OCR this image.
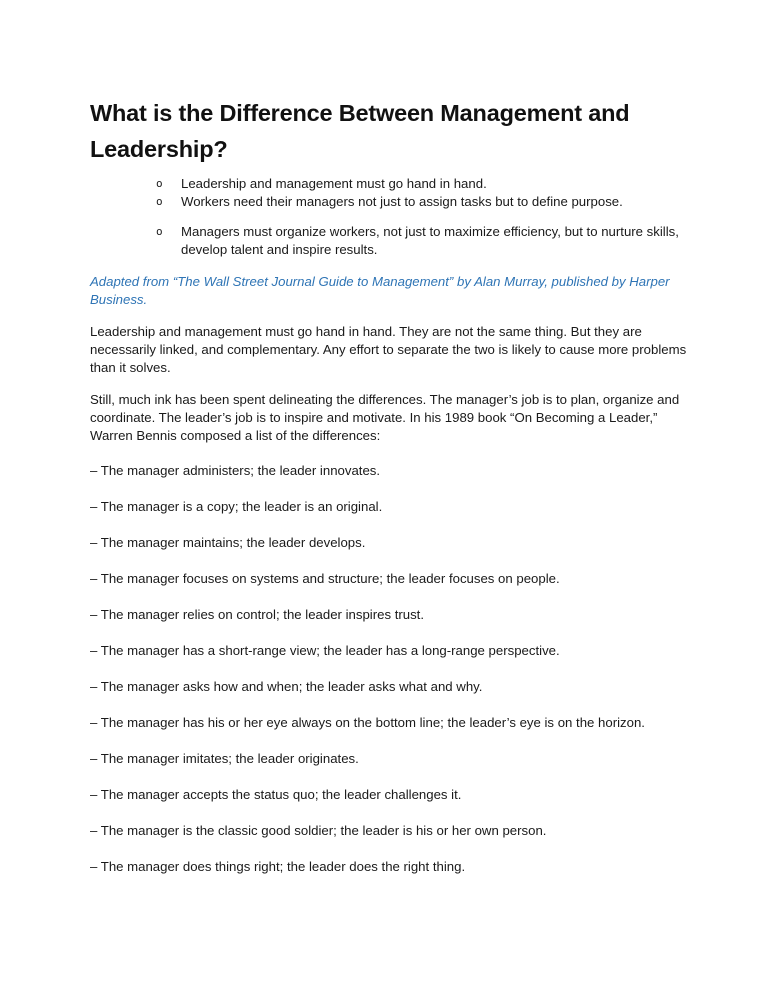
What is the Difference Between Management and Leadership?
o Leadership and management must go hand in hand.
o Workers need their managers not just to assign tasks but to define purpose.
o Managers must organize workers, not just to maximize efficiency, but to nurture skills, develop talent and inspire results.

Adapted from “The Wall Street Journal Guide to Management” by Alan Murray, published by Harper Business.

Leadership and management must go hand in hand. They are not the same thing. But they are necessarily linked, and complementary. Any effort to separate the two is likely to cause more problems than it solves.

Still, much ink has been spent delineating the differences. The manager’s job is to plan, organize and coordinate. The leader’s job is to inspire and motivate. In his 1989 book “On Becoming a Leader,” Warren Bennis composed a list of the differences:

– The manager administers; the leader innovates.

– The manager is a copy; the leader is an original.

– The manager maintains; the leader develops.

– The manager focuses on systems and structure; the leader focuses on people.

– The manager relies on control; the leader inspires trust.

– The manager has a short-range view; the leader has a long-range perspective.

– The manager asks how and when; the leader asks what and why.

– The manager has his or her eye always on the bottom line; the leader’s eye is on the horizon.

– The manager imitates; the leader originates.

– The manager accepts the status quo; the leader challenges it.

– The manager is the classic good soldier; the leader is his or her own person.

– The manager does things right; the leader does the right thing.
